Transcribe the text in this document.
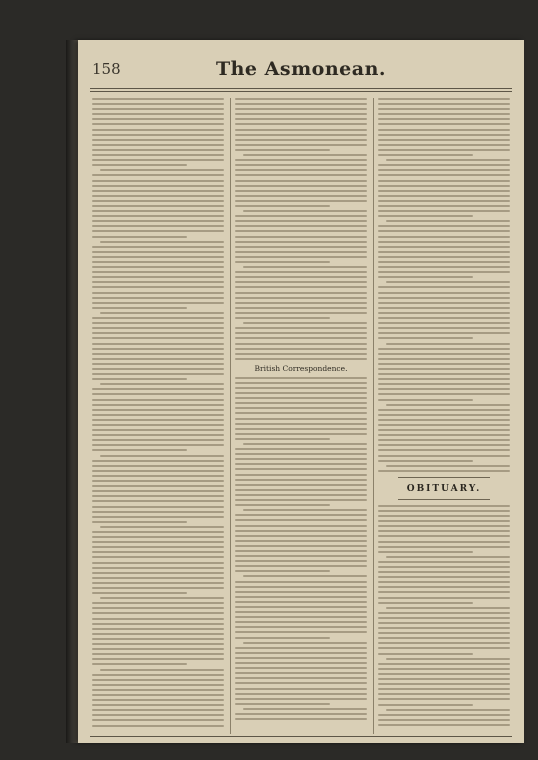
158	The Asmonean.
British Correspondence.
OBITUARY.
